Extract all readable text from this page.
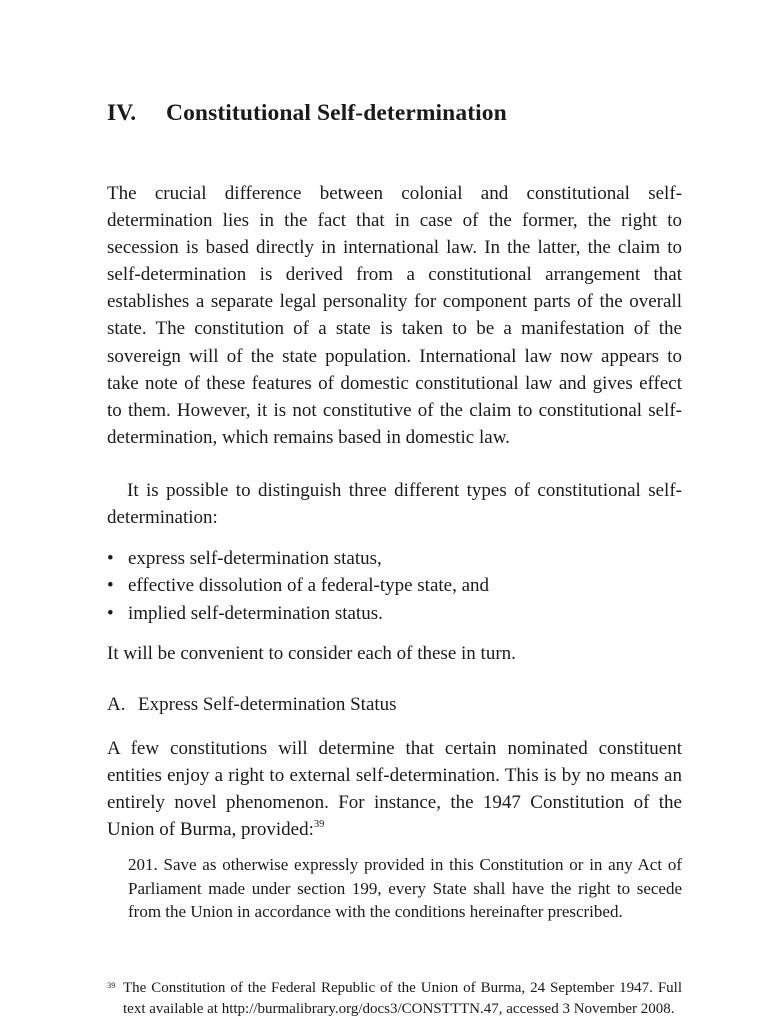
IV. Constitutional Self-determination
The crucial difference between colonial and constitutional self-determination lies in the fact that in case of the former, the right to secession is based directly in international law. In the latter, the claim to self-determination is derived from a constitutional arrangement that establishes a separate legal personality for component parts of the overall state. The constitution of a state is taken to be a manifestation of the sovereign will of the state population. International law now appears to take note of these features of domestic constitutional law and gives effect to them. However, it is not constitutive of the claim to constitutional self-determination, which remains based in domestic law.
It is possible to distinguish three different types of constitutional self-determination:
• express self-determination status,
• effective dissolution of a federal-type state, and
• implied self-determination status.
It will be convenient to consider each of these in turn.
A. Express Self-determination Status
A few constitutions will determine that certain nominated constituent entities enjoy a right to external self-determination. This is by no means an entirely novel phenomenon. For instance, the 1947 Constitution of the Union of Burma, provided:$^{39}$
201. Save as otherwise expressly provided in this Constitution or in any Act of Parliament made under section 199, every State shall have the right to secede from the Union in accordance with the conditions hereinafter prescribed.
39 The Constitution of the Federal Republic of the Union of Burma, 24 September 1947. Full text available at http://burmalibrary.org/docs3/CONSTTTN.47, accessed 3 November 2008.
